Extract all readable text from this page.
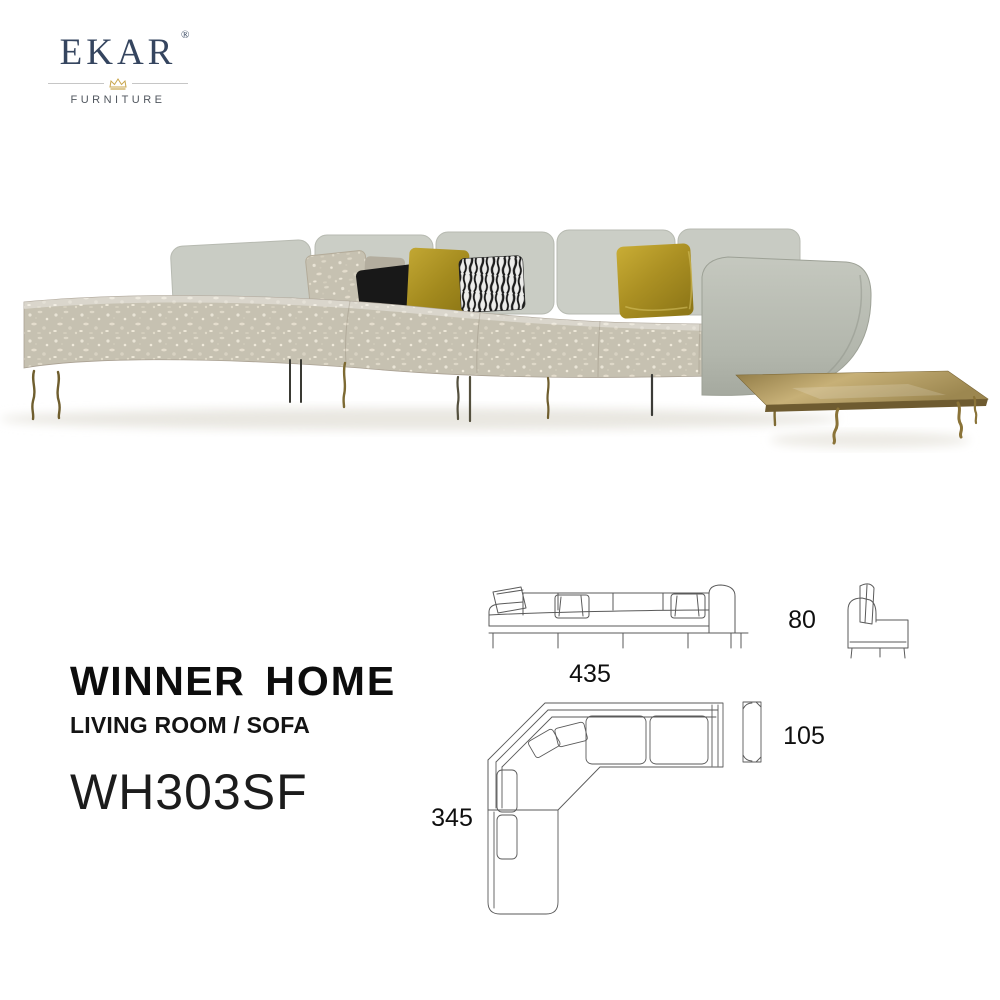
EKAR ®
FURNITURE
WINNER HOME
LIVING ROOM / SOFA
WH303SF
80
435
105
345
